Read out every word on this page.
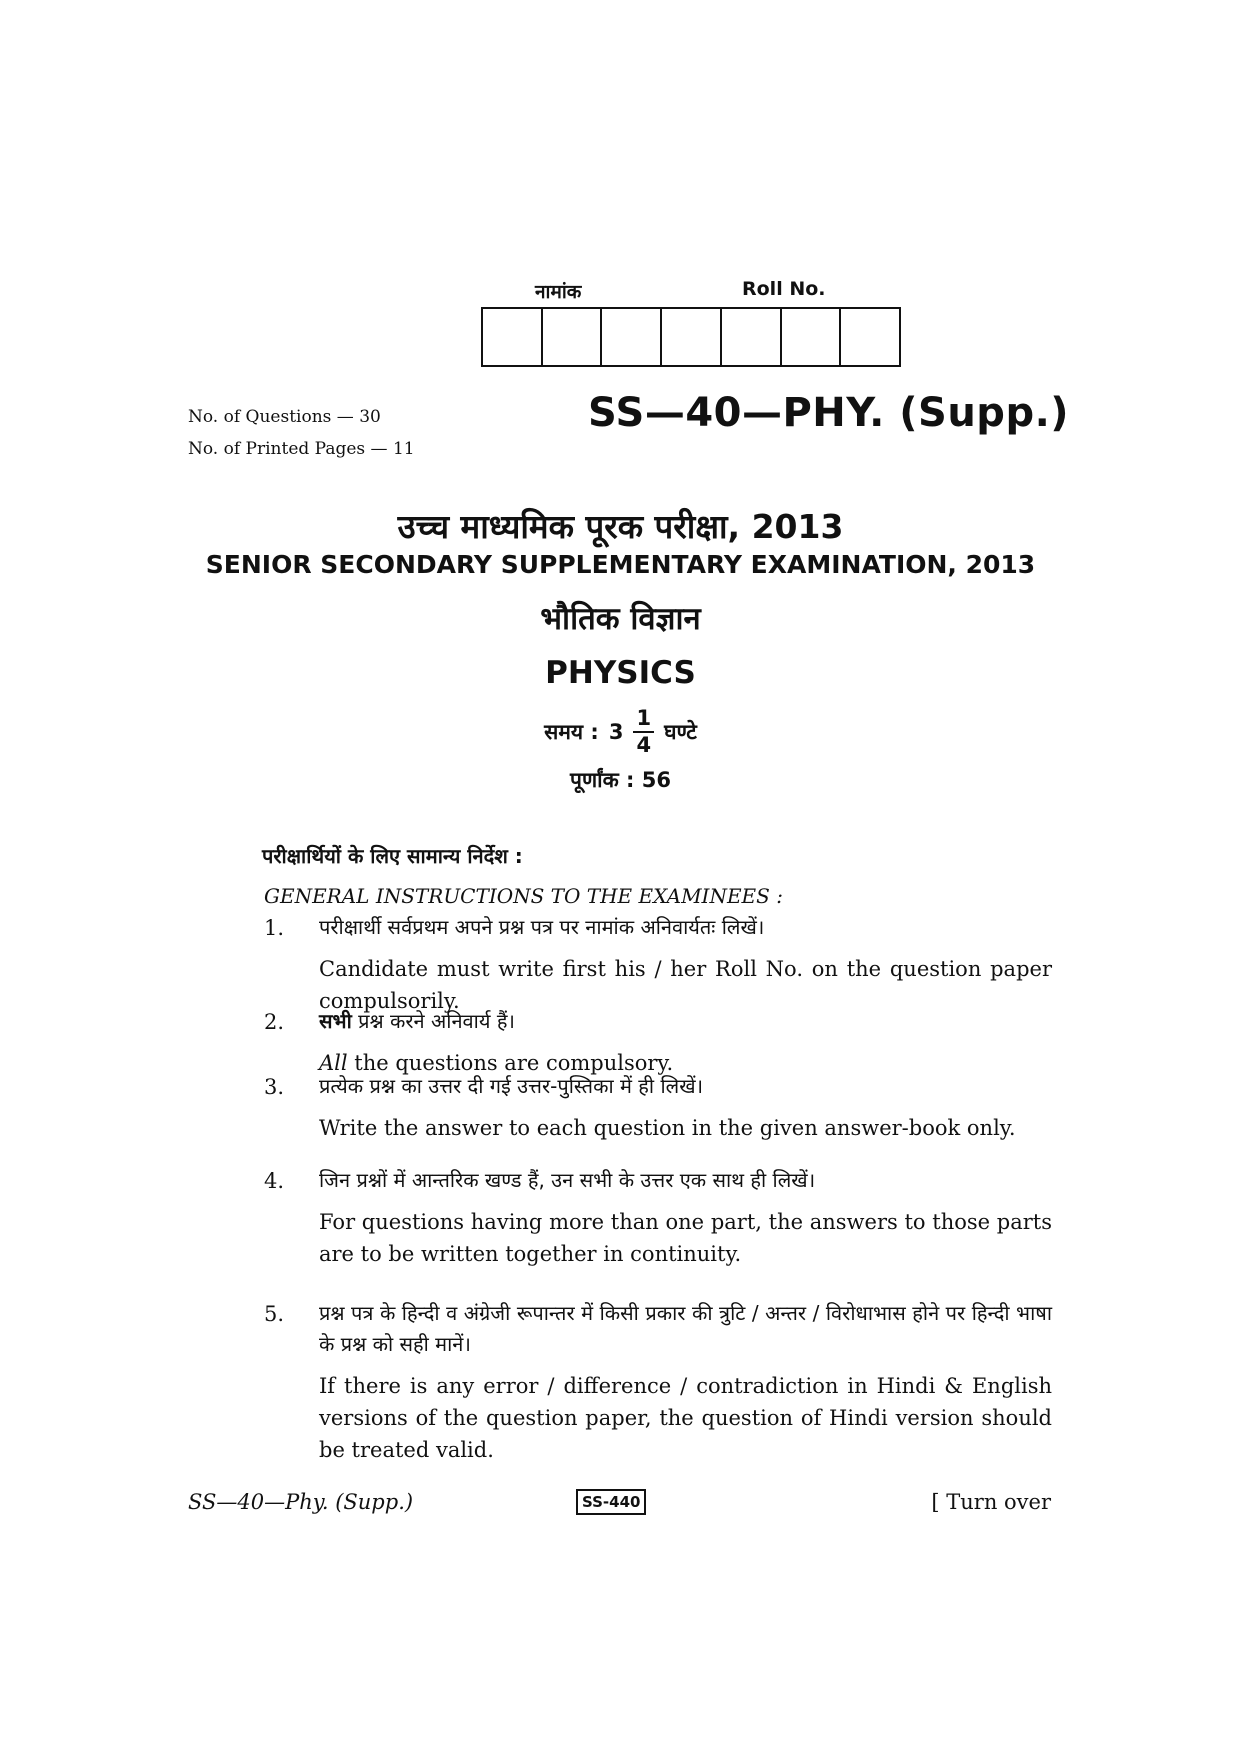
नामांक	Roll No.
No. of Questions — 30
No. of Printed Pages — 11
SS—40—PHY. (Supp.)
उच्च माध्यमिक पूरक परीक्षा, 2013
SENIOR SECONDARY SUPPLEMENTARY EXAMINATION, 2013
भौतिक विज्ञान
PHYSICS
समय : $3 \frac{1}{4}$ घण्टे
पूर्णांक : 56
परीक्षार्थियों के लिए सामान्य निर्देश :
GENERAL INSTRUCTIONS TO THE EXAMINEES :
1.	परीक्षार्थी सर्वप्रथम अपने प्रश्न पत्र पर नामांक अनिवार्यतः लिखें।
Candidate must write first his / her Roll No. on the question paper compulsorily.
2.	सभी प्रश्न करने अनिवार्य हैं।
All the questions are compulsory.
3.	प्रत्येक प्रश्न का उत्तर दी गई उत्तर-पुस्तिका में ही लिखें।
Write the answer to each question in the given answer-book only.
4.	जिन प्रश्नों में आन्तरिक खण्ड हैं, उन सभी के उत्तर एक साथ ही लिखें।
For questions having more than one part, the answers to those parts are to be written together in continuity.
5.	प्रश्न पत्र के हिन्दी व अंग्रेजी रूपान्तर में किसी प्रकार की त्रुटि / अन्तर / विरोधाभास होने पर हिन्दी भाषा के प्रश्न को सही मानें।
If there is any error / difference / contradiction in Hindi & English versions of the question paper, the question of Hindi version should be treated valid.
SS—40—Phy. (Supp.)	SS-440	[ Turn over
